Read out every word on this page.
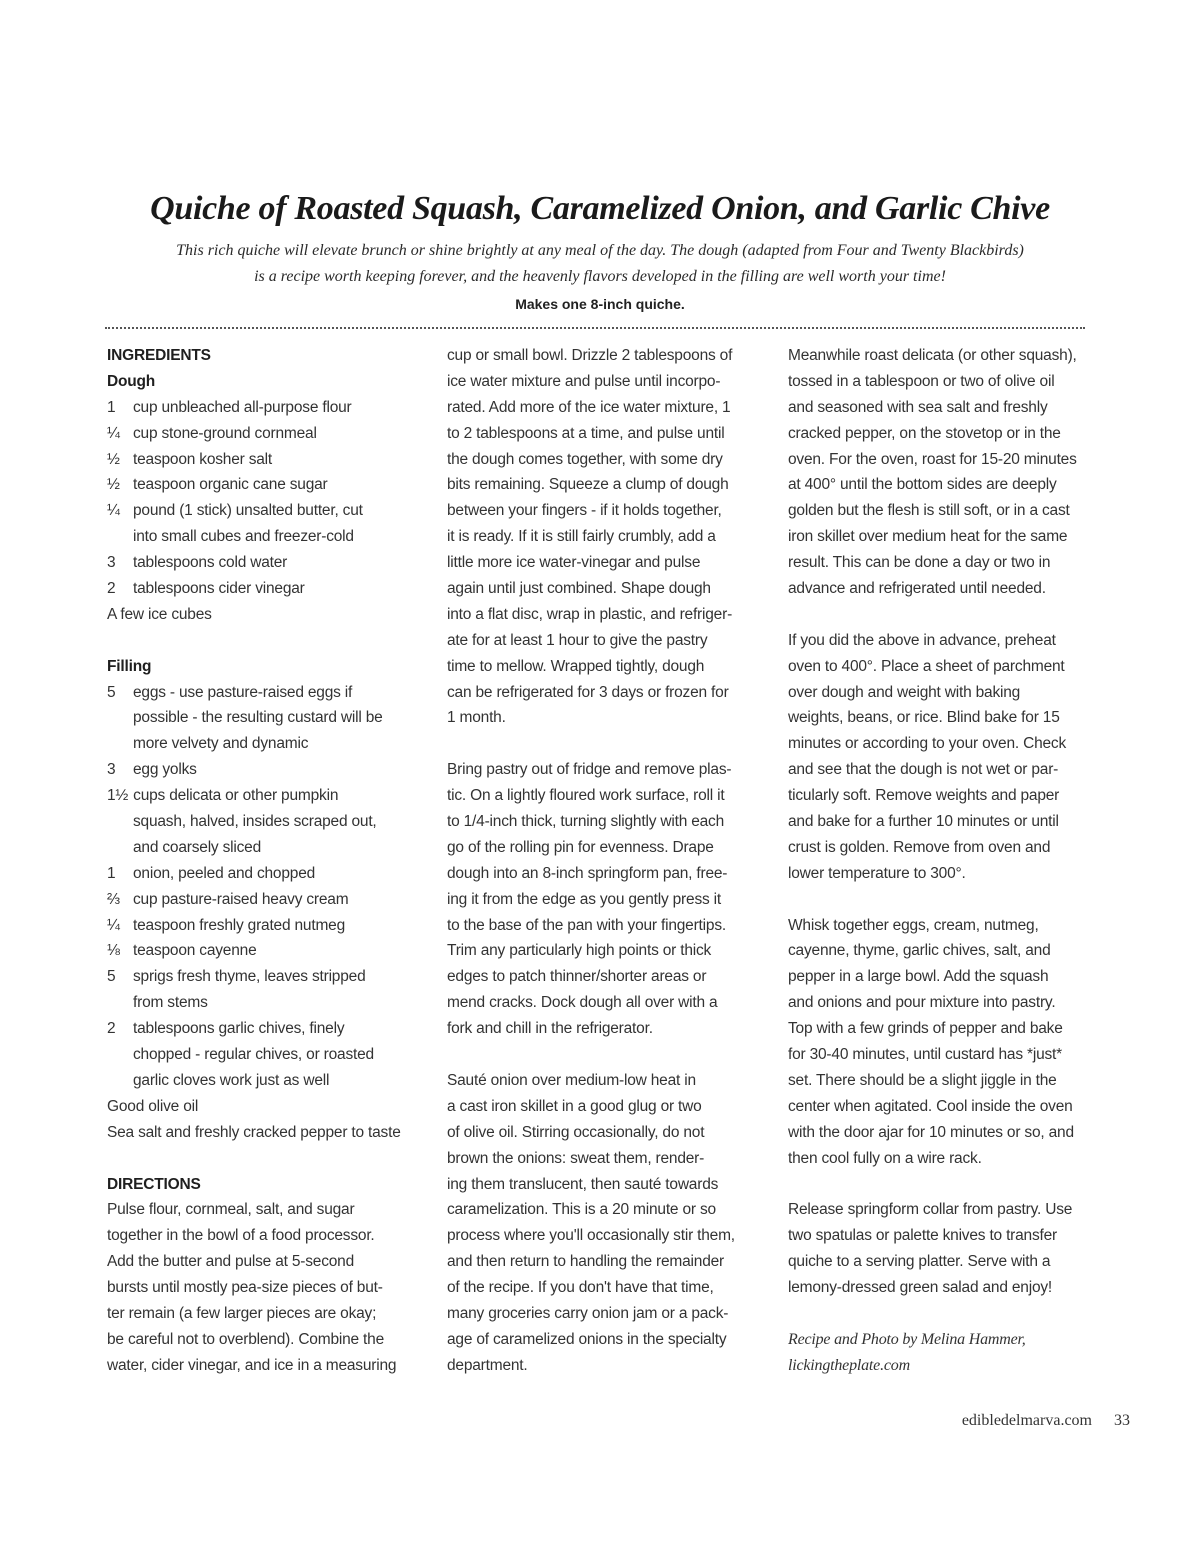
Quiche of Roasted Squash, Caramelized Onion, and Garlic Chive

This rich quiche will elevate brunch or shine brightly at any meal of the day. The dough (adapted from Four and Twenty Blackbirds)
is a recipe worth keeping forever, and the heavenly flavors developed in the filling are well worth your time!

Makes one 8-inch quiche.
INGREDIENTS
Dough
1	cup unbleached all-purpose flour
¼ cup stone-ground cornmeal
½ teaspoon kosher salt
½ teaspoon organic cane sugar
¼ pound (1 stick) unsalted butter, cut
into small cubes and freezer-cold
3	tablespoons cold water
2	tablespoons cider vinegar
A few ice cubes
Filling
5	eggs - use pasture-raised eggs if
possible - the resulting custard will be
more velvety and dynamic
3	egg yolks
1½ cups delicata or other pumpkin
squash, halved, insides scraped out,
and coarsely sliced
1	onion, peeled and chopped
⅔ cup pasture-raised heavy cream
¼ teaspoon freshly grated nutmeg
⅛ teaspoon cayenne
5	sprigs fresh thyme, leaves stripped
from stems
2	tablespoons garlic chives, finely
chopped - regular chives, or roasted
garlic cloves work just as well
Good olive oil
Sea salt and freshly cracked pepper to taste
DIRECTIONS
Pulse flour, cornmeal, salt, and sugar
together in the bowl of a food processor.
Add the butter and pulse at 5-second
bursts until mostly pea-size pieces of but-
ter remain (a few larger pieces are okay;
be careful not to overblend). Combine the
water, cider vinegar, and ice in a measuring
cup or small bowl. Drizzle 2 tablespoons of
ice water mixture and pulse until incorpo-
rated. Add more of the ice water mixture, 1
to 2 tablespoons at a time, and pulse until
the dough comes together, with some dry
bits remaining. Squeeze a clump of dough
between your fingers - if it holds together,
it is ready. If it is still fairly crumbly, add a
little more ice water-vinegar and pulse
again until just combined. Shape dough
into a flat disc, wrap in plastic, and refriger-
ate for at least 1 hour to give the pastry
time to mellow. Wrapped tightly, dough
can be refrigerated for 3 days or frozen for
1 month.
Bring pastry out of fridge and remove plas-
tic. On a lightly floured work surface, roll it
to 1/4-inch thick, turning slightly with each
go of the rolling pin for evenness. Drape
dough into an 8-inch springform pan, free-
ing it from the edge as you gently press it
to the base of the pan with your fingertips.
Trim any particularly high points or thick
edges to patch thinner/shorter areas or
mend cracks. Dock dough all over with a
fork and chill in the refrigerator.
Sauté onion over medium-low heat in
a cast iron skillet in a good glug or two
of olive oil. Stirring occasionally, do not
brown the onions: sweat them, render-
ing them translucent, then sauté towards
caramelization. This is a 20 minute or so
process where you'll occasionally stir them,
and then return to handling the remainder
of the recipe. If you don't have that time,
many groceries carry onion jam or a pack-
age of caramelized onions in the specialty
department.
Meanwhile roast delicata (or other squash),
tossed in a tablespoon or two of olive oil
and seasoned with sea salt and freshly
cracked pepper, on the stovetop or in the
oven. For the oven, roast for 15-20 minutes
at 400° until the bottom sides are deeply
golden but the flesh is still soft, or in a cast
iron skillet over medium heat for the same
result. This can be done a day or two in
advance and refrigerated until needed.
If you did the above in advance, preheat
oven to 400°. Place a sheet of parchment
over dough and weight with baking
weights, beans, or rice. Blind bake for 15
minutes or according to your oven. Check
and see that the dough is not wet or par-
ticularly soft. Remove weights and paper
and bake for a further 10 minutes or until
crust is golden. Remove from oven and
lower temperature to 300°.
Whisk together eggs, cream, nutmeg,
cayenne, thyme, garlic chives, salt, and
pepper in a large bowl. Add the squash
and onions and pour mixture into pastry.
Top with a few grinds of pepper and bake
for 30-40 minutes, until custard has *just*
set. There should be a slight jiggle in the
center when agitated. Cool inside the oven
with the door ajar for 10 minutes or so, and
then cool fully on a wire rack.
Release springform collar from pastry. Use
two spatulas or palette knives to transfer
quiche to a serving platter. Serve with a
lemony-dressed green salad and enjoy!
Recipe and Photo by Melina Hammer,
lickingtheplate.com
edibledelmarva.com 33
